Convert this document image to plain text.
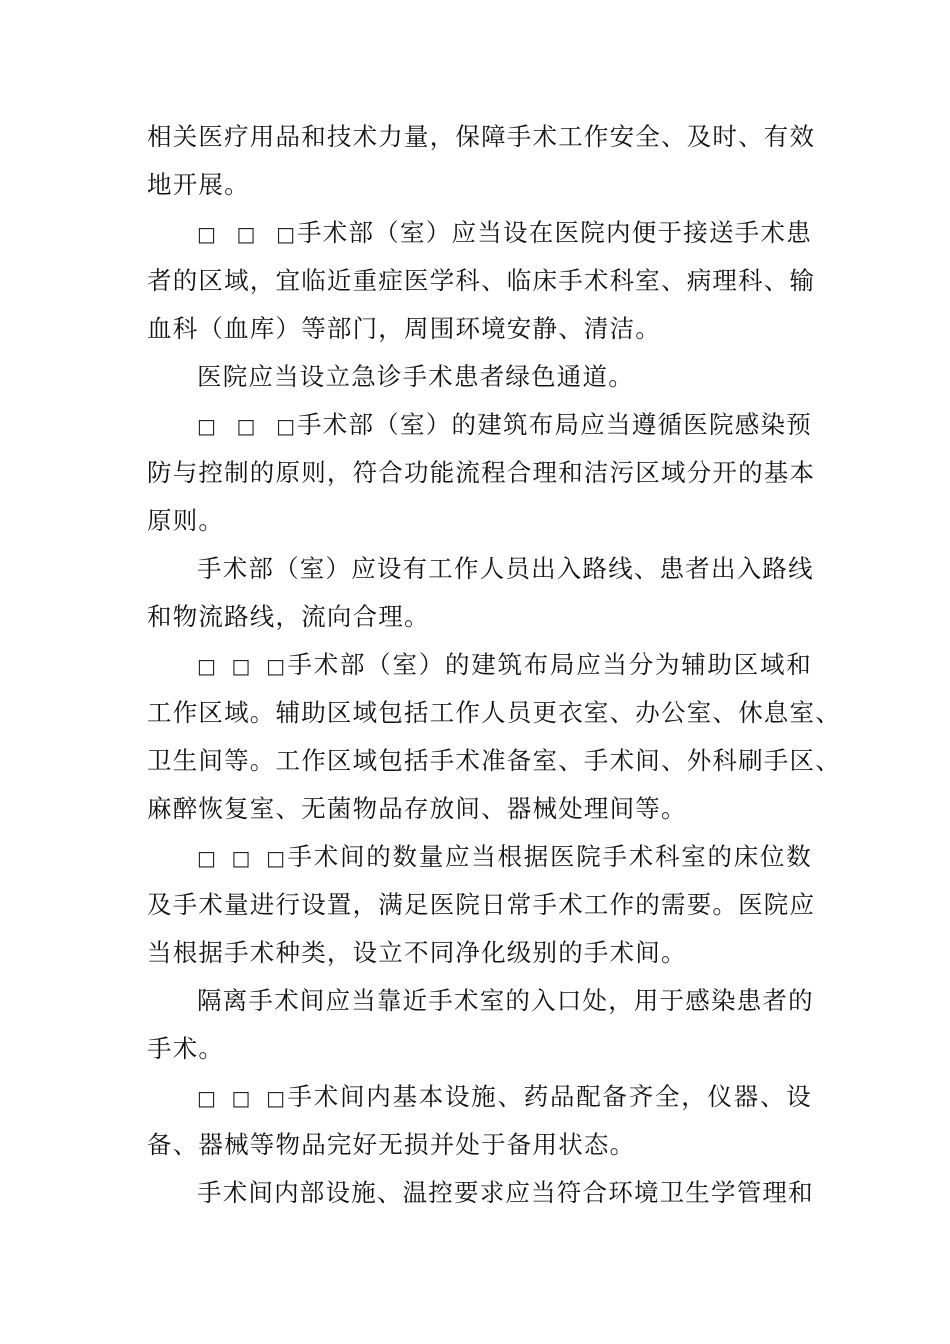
相关医疗用品和技术力量，保障手术工作安全、及时、有效
地开展。
□□□手术部（室）应当设在医院内便于接送手术患
者的区域，宜临近重症医学科、临床手术科室、病理科、输
血科（血库）等部门，周围环境安静、清洁。
医院应当设立急诊手术患者绿色通道。
□□□手术部（室）的建筑布局应当遵循医院感染预
防与控制的原则，符合功能流程合理和洁污区域分开的基本
原则。
手术部（室）应设有工作人员出入路线、患者出入路线
和物流路线，流向合理。
□□□手术部（室）的建筑布局应当分为辅助区域和
工作区域。辅助区域包括工作人员更衣室、办公室、休息室、
卫生间等。工作区域包括手术准备室、手术间、外科刷手区、
麻醉恢复室、无菌物品存放间、器械处理间等。
□□□手术间的数量应当根据医院手术科室的床位数
及手术量进行设置，满足医院日常手术工作的需要。医院应
当根据手术种类，设立不同净化级别的手术间。
隔离手术间应当靠近手术室的入口处，用于感染患者的
手术。
□□□手术间内基本设施、药品配备齐全，仪器、设
备、器械等物品完好无损并处于备用状态。
手术间内部设施、温控要求应当符合环境卫生学管理和
